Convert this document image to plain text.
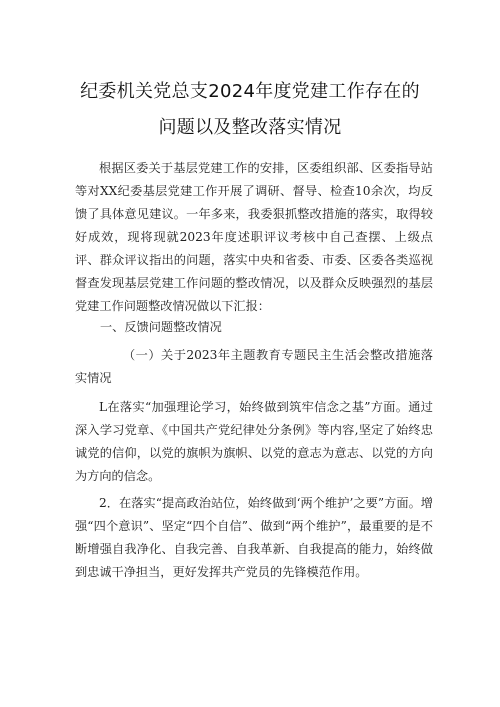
纪委机关党总支2024年度党建工作存在的
问题以及整改落实情况

根据区委关于基层党建工作的安排，区委组织部、区委指导站等对XX纪委基层党建工作开展了调研、督导、检查10余次，均反馈了具体意见建议。一年多来，我委狠抓整改措施的落实，取得较好成效，现将现就2023年度述职评议考核中自己查摆、上级点评、群众评议指出的问题，落实中央和省委、市委、区委各类巡视督查发现基层党建工作问题的整改情况，以及群众反映强烈的基层党建工作问题整改情况做以下汇报：

一、反馈问题整改情况

（一）关于2023年主题教育专题民主生活会整改措施落实情况

L在落实“加强理论学习，始终做到筑牢信念之基”方面。通过深入学习党章、《中国共产党纪律处分条例》等内容,坚定了始终忠诚党的信仰，以党的旗帜为旗帜、以党的意志为意志、以党的方向为方向的信念。

2．在落实“提高政治站位，始终做到‘两个维护’之要”方面。增强“四个意识”、坚定“四个自信”、做到“两个维护”，最重要的是不断增强自我净化、自我完善、自我革新、自我提高的能力，始终做到忠诚干净担当，更好发挥共产党员的先锋模范作用。
